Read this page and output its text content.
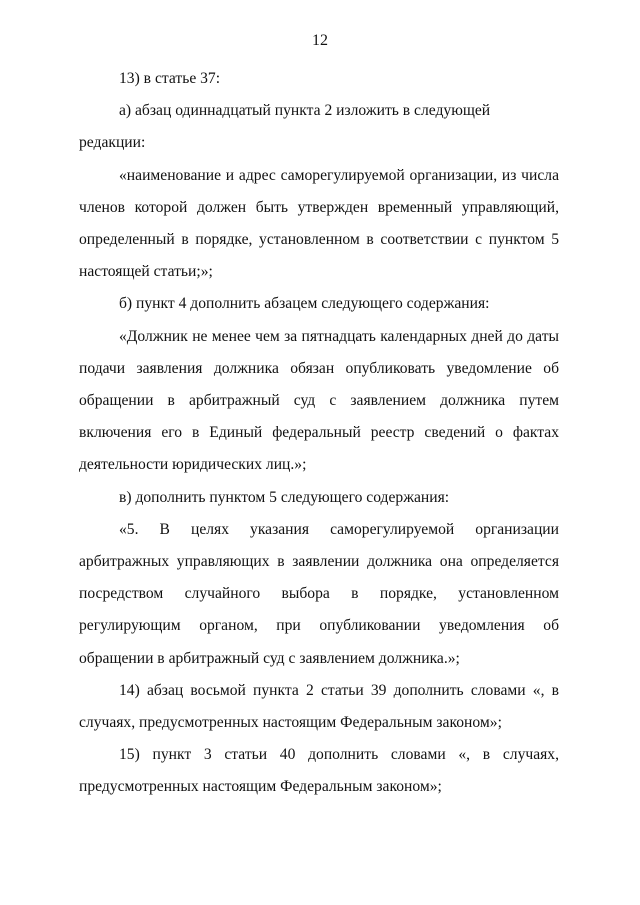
12

13) в статье 37:

а) абзац одиннадцатый пункта 2 изложить в следующей редакции:

«наименование и адрес саморегулируемой организации, из числа членов которой должен быть утвержден временный управляющий, определенный в порядке, установленном в соответствии с пунктом 5 настоящей статьи;»;

б) пункт 4 дополнить абзацем следующего содержания:

«Должник не менее чем за пятнадцать календарных дней до даты подачи заявления должника обязан опубликовать уведомление об обращении в арбитражный суд с заявлением должника путем включения его в Единый федеральный реестр сведений о фактах деятельности юридических лиц.»;

в) дополнить пунктом 5 следующего содержания:

«5. В целях указания саморегулируемой организации арбитражных управляющих в заявлении должника она определяется посредством случайного выбора в порядке, установленном регулирующим органом, при опубликовании уведомления об обращении в арбитражный суд с заявлением должника.»;

14) абзац восьмой пункта 2 статьи 39 дополнить словами «, в случаях, предусмотренных настоящим Федеральным законом»;

15) пункт 3 статьи 40 дополнить словами «, в случаях, предусмотренных настоящим Федеральным законом»;
